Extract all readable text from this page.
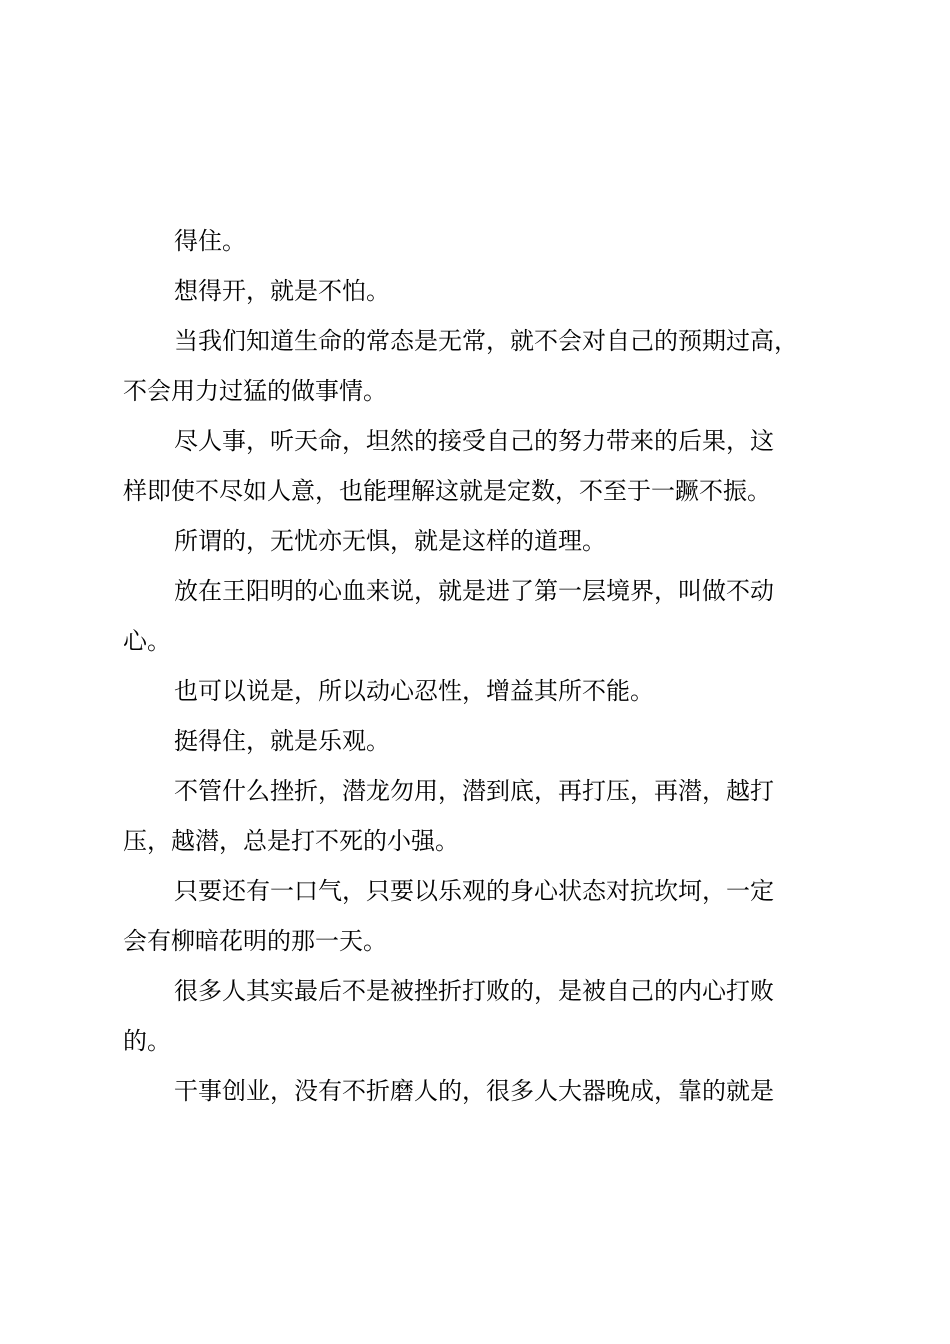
得住。
想得开，就是不怕。
当我们知道生命的常态是无常，就不会对自己的预期过高，
不会用力过猛的做事情。
尽人事，听天命，坦然的接受自己的努力带来的后果，这
样即使不尽如人意，也能理解这就是定数，不至于一蹶不振。
所谓的，无忧亦无惧，就是这样的道理。
放在王阳明的心血来说，就是进了第一层境界，叫做不动
心。
也可以说是，所以动心忍性，增益其所不能。
挺得住，就是乐观。
不管什么挫折，潜龙勿用，潜到底，再打压，再潜，越打
压，越潜，总是打不死的小强。
只要还有一口气，只要以乐观的身心状态对抗坎坷，一定
会有柳暗花明的那一天。
很多人其实最后不是被挫折打败的，是被自己的内心打败
的。
干事创业，没有不折磨人的，很多人大器晚成，靠的就是
